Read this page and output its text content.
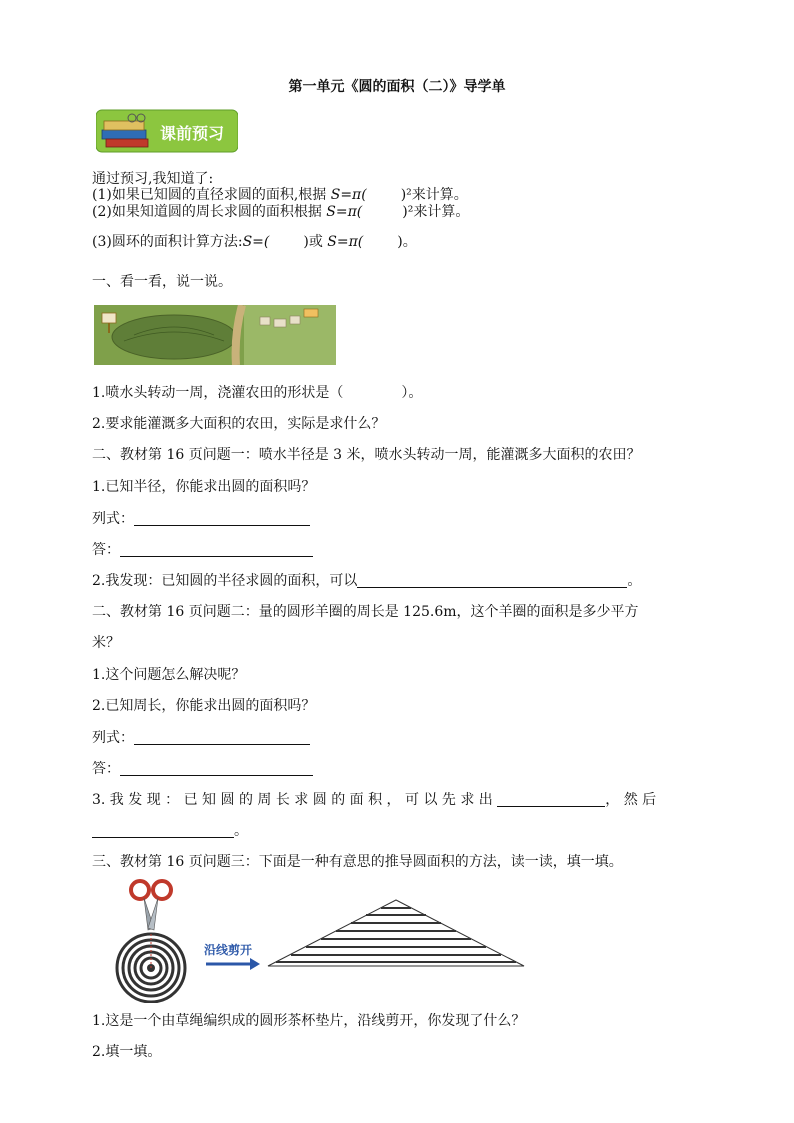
第一单元《圆的面积（二）》导学单
课前预习
通过预习,我知道了:
(1)如果已知圆的直径求圆的面积,根据 S=π( )²来计算。
(2)如果知道圆的周长求圆的面积根据 S=π(	)²来计算。
(3)圆环的面积计算方法:S=( )或 S=π( )。
一、看一看，说一说。
1.喷水头转动一周，浇灌农田的形状是（	）。
2.要求能灌溉多大面积的农田，实际是求什么？
二、教材第 16 页问题一：喷水半径是 3 米，喷水头转动一周，能灌溉多大面积的农田？
1.已知半径，你能求出圆的面积吗？
列式：
答：
2.我发现：已知圆的半径求圆的面积，可以	。
二、教材第 16 页问题二：量的圆形羊圈的周长是 125.6m，这个羊圈的面积是多少平方
米？
1.这个问题怎么解决呢？
2.已知周长，你能求出圆的面积吗？
列式：
答：
3. 我 发 现 ： 已 知 圆 的 周 长 求 圆 的 面 积 ， 可 以 先 求 出	， 然 后
。
三、教材第 16 页问题三：下面是一种有意思的推导圆面积的方法，读一读，填一填。
沿线剪开
1.这是一个由草绳编织成的圆形茶杯垫片，沿线剪开，你发现了什么？
2.填一填。
